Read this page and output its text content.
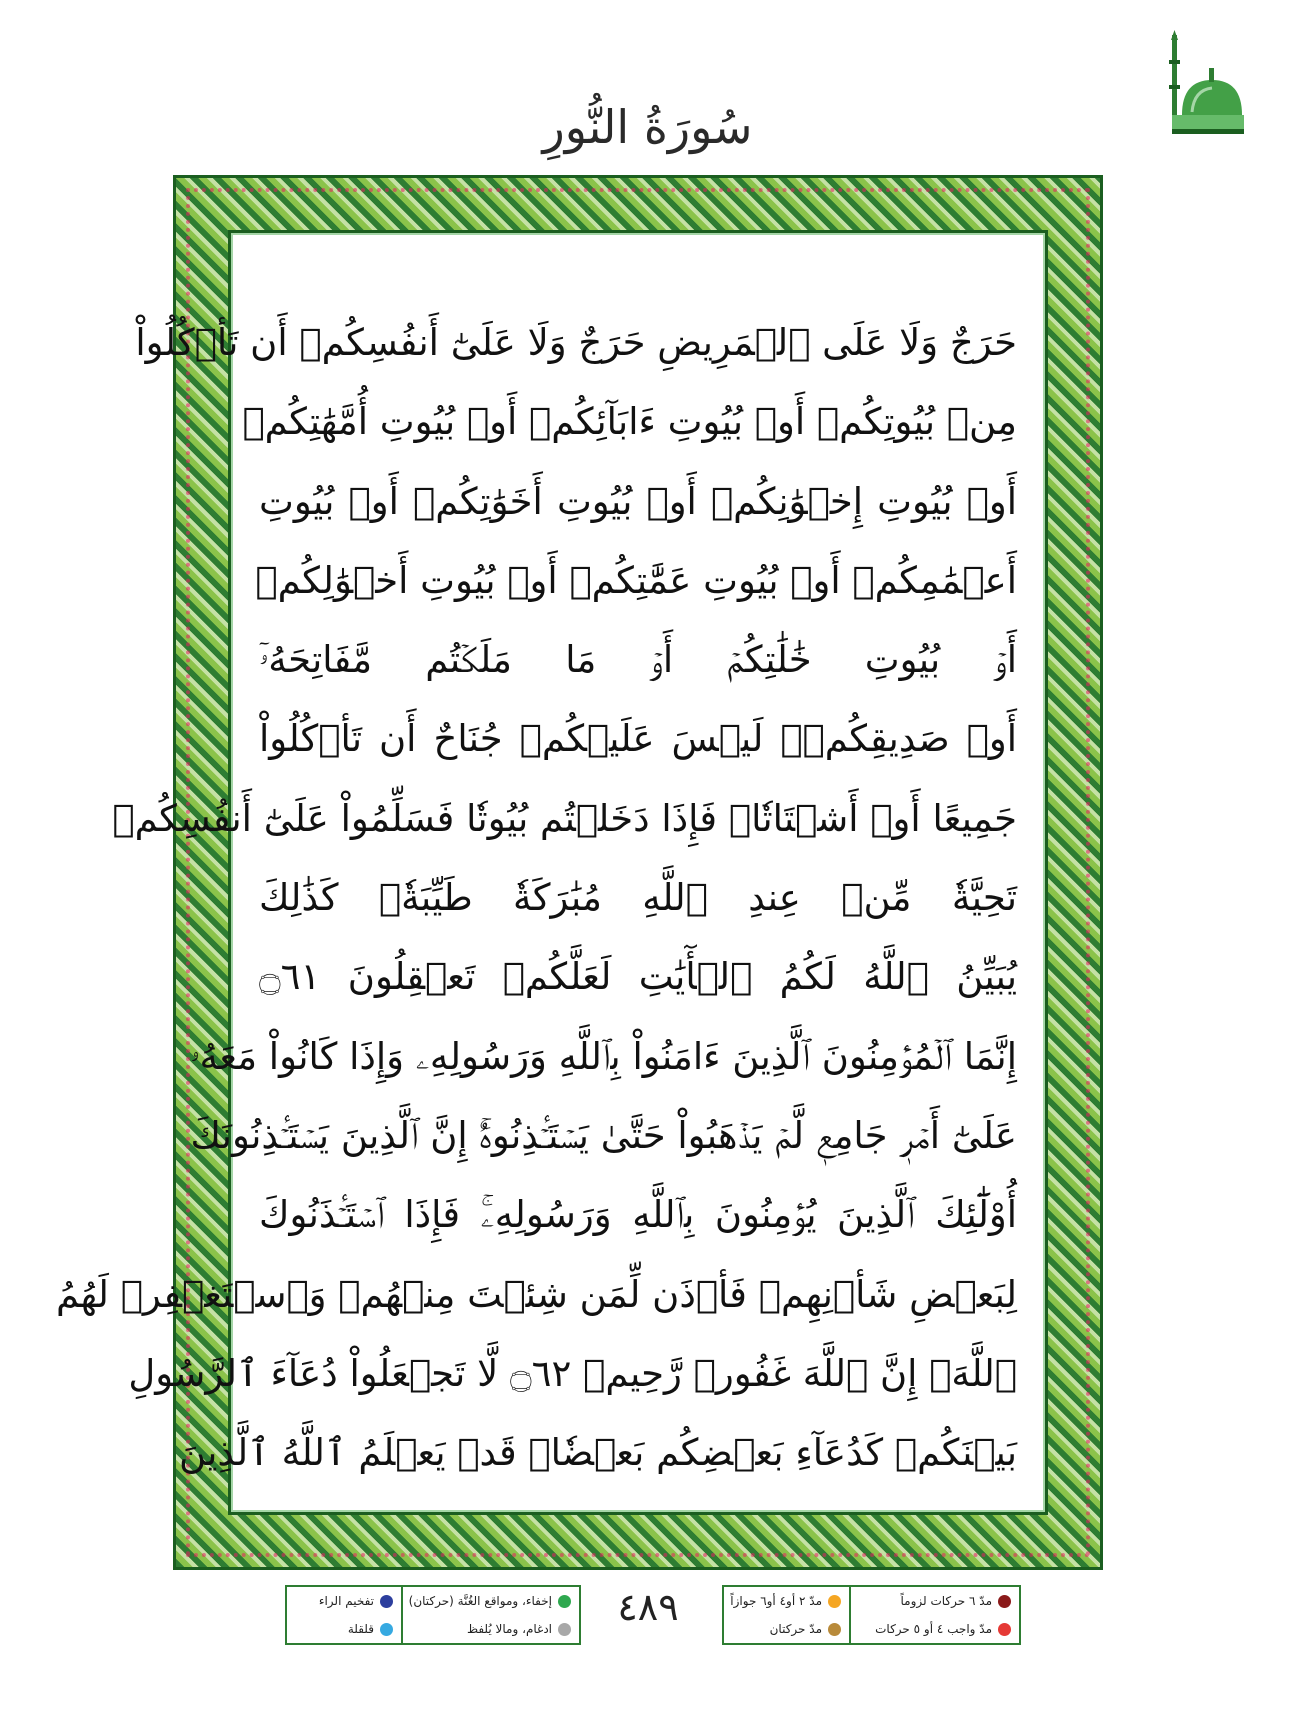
سُورَةُ النُّورِ
حَرَجٌ وَلَا عَلَى ٱلۡمَرِيضِ حَرَجٌ وَلَا عَلَىٰٓ أَنفُسِكُمۡ أَن تَأۡكُلُواْ
مِنۢ بُيُوتِكُمۡ أَوۡ بُيُوتِ ءَابَآئِكُمۡ أَوۡ بُيُوتِ أُمَّهَٰتِكُمۡ
أَوۡ بُيُوتِ إِخۡوَٰنِكُمۡ أَوۡ بُيُوتِ أَخَوَٰتِكُمۡ أَوۡ بُيُوتِ
أَعۡمَٰمِكُمۡ أَوۡ بُيُوتِ عَمَّٰتِكُمۡ أَوۡ بُيُوتِ أَخۡوَٰلِكُمۡ
أَوۡ بُيُوتِ خَٰلَٰتِكُمۡ أَوۡ مَا مَلَكۡتُم مَّفَاتِحَهُۥٓ
أَوۡ صَدِيقِكُمۡۚ لَيۡسَ عَلَيۡكُمۡ جُنَاحٌ أَن تَأۡكُلُواْ
جَمِيعًا أَوۡ أَشۡتَاتٗاۚ فَإِذَا دَخَلۡتُم بُيُوتٗا فَسَلِّمُواْ عَلَىٰٓ أَنفُسِكُمۡ
تَحِيَّةٗ مِّنۡ عِندِ ٱللَّهِ مُبَٰرَكَةٗ طَيِّبَةٗۚ كَذَٰلِكَ
يُبَيِّنُ ٱللَّهُ لَكُمُ ٱلۡأٓيَٰتِ لَعَلَّكُمۡ تَعۡقِلُونَ ۝٦١
إِنَّمَا ٱلۡمُؤۡمِنُونَ ٱلَّذِينَ ءَامَنُواْ بِٱللَّهِ وَرَسُولِهِۦ وَإِذَا كَانُواْ مَعَهُۥ
عَلَىٰٓ أَمۡرٖ جَامِعٖ لَّمۡ يَذۡهَبُواْ حَتَّىٰ يَسۡتَـٔۡذِنُوهُۚ إِنَّ ٱلَّذِينَ يَسۡتَـٔۡذِنُونَكَ
أُوْلَٰٓئِكَ ٱلَّذِينَ يُؤۡمِنُونَ بِٱللَّهِ وَرَسُولِهِۦۚ فَإِذَا ٱسۡتَـٔۡذَنُوكَ
لِبَعۡضِ شَأۡنِهِمۡ فَأۡذَن لِّمَن شِئۡتَ مِنۡهُمۡ وَٱسۡتَغۡفِرۡ لَهُمُ
ٱللَّهَۚ إِنَّ ٱللَّهَ غَفُورٞ رَّحِيمٞ ۝٦٢ لَّا تَجۡعَلُواْ دُعَآءَ ٱلرَّسُولِ
بَيۡنَكُمۡ كَدُعَآءِ بَعۡضِكُم بَعۡضٗاۚ قَدۡ يَعۡلَمُ ٱللَّهُ ٱلَّذِينَ
تفخيم الراء
قلقلة
إخفاء، ومواقع الغُنَّة (حركتان)
ادغام، ومالا يُلفظ	٤٨٩	مدّ ٢ أو٤ أو٦ جوازاً
مدّ حركتان
مدّ ٦ حركات لزوماً
مدّ واجب ٤ أو ٥ حركات
